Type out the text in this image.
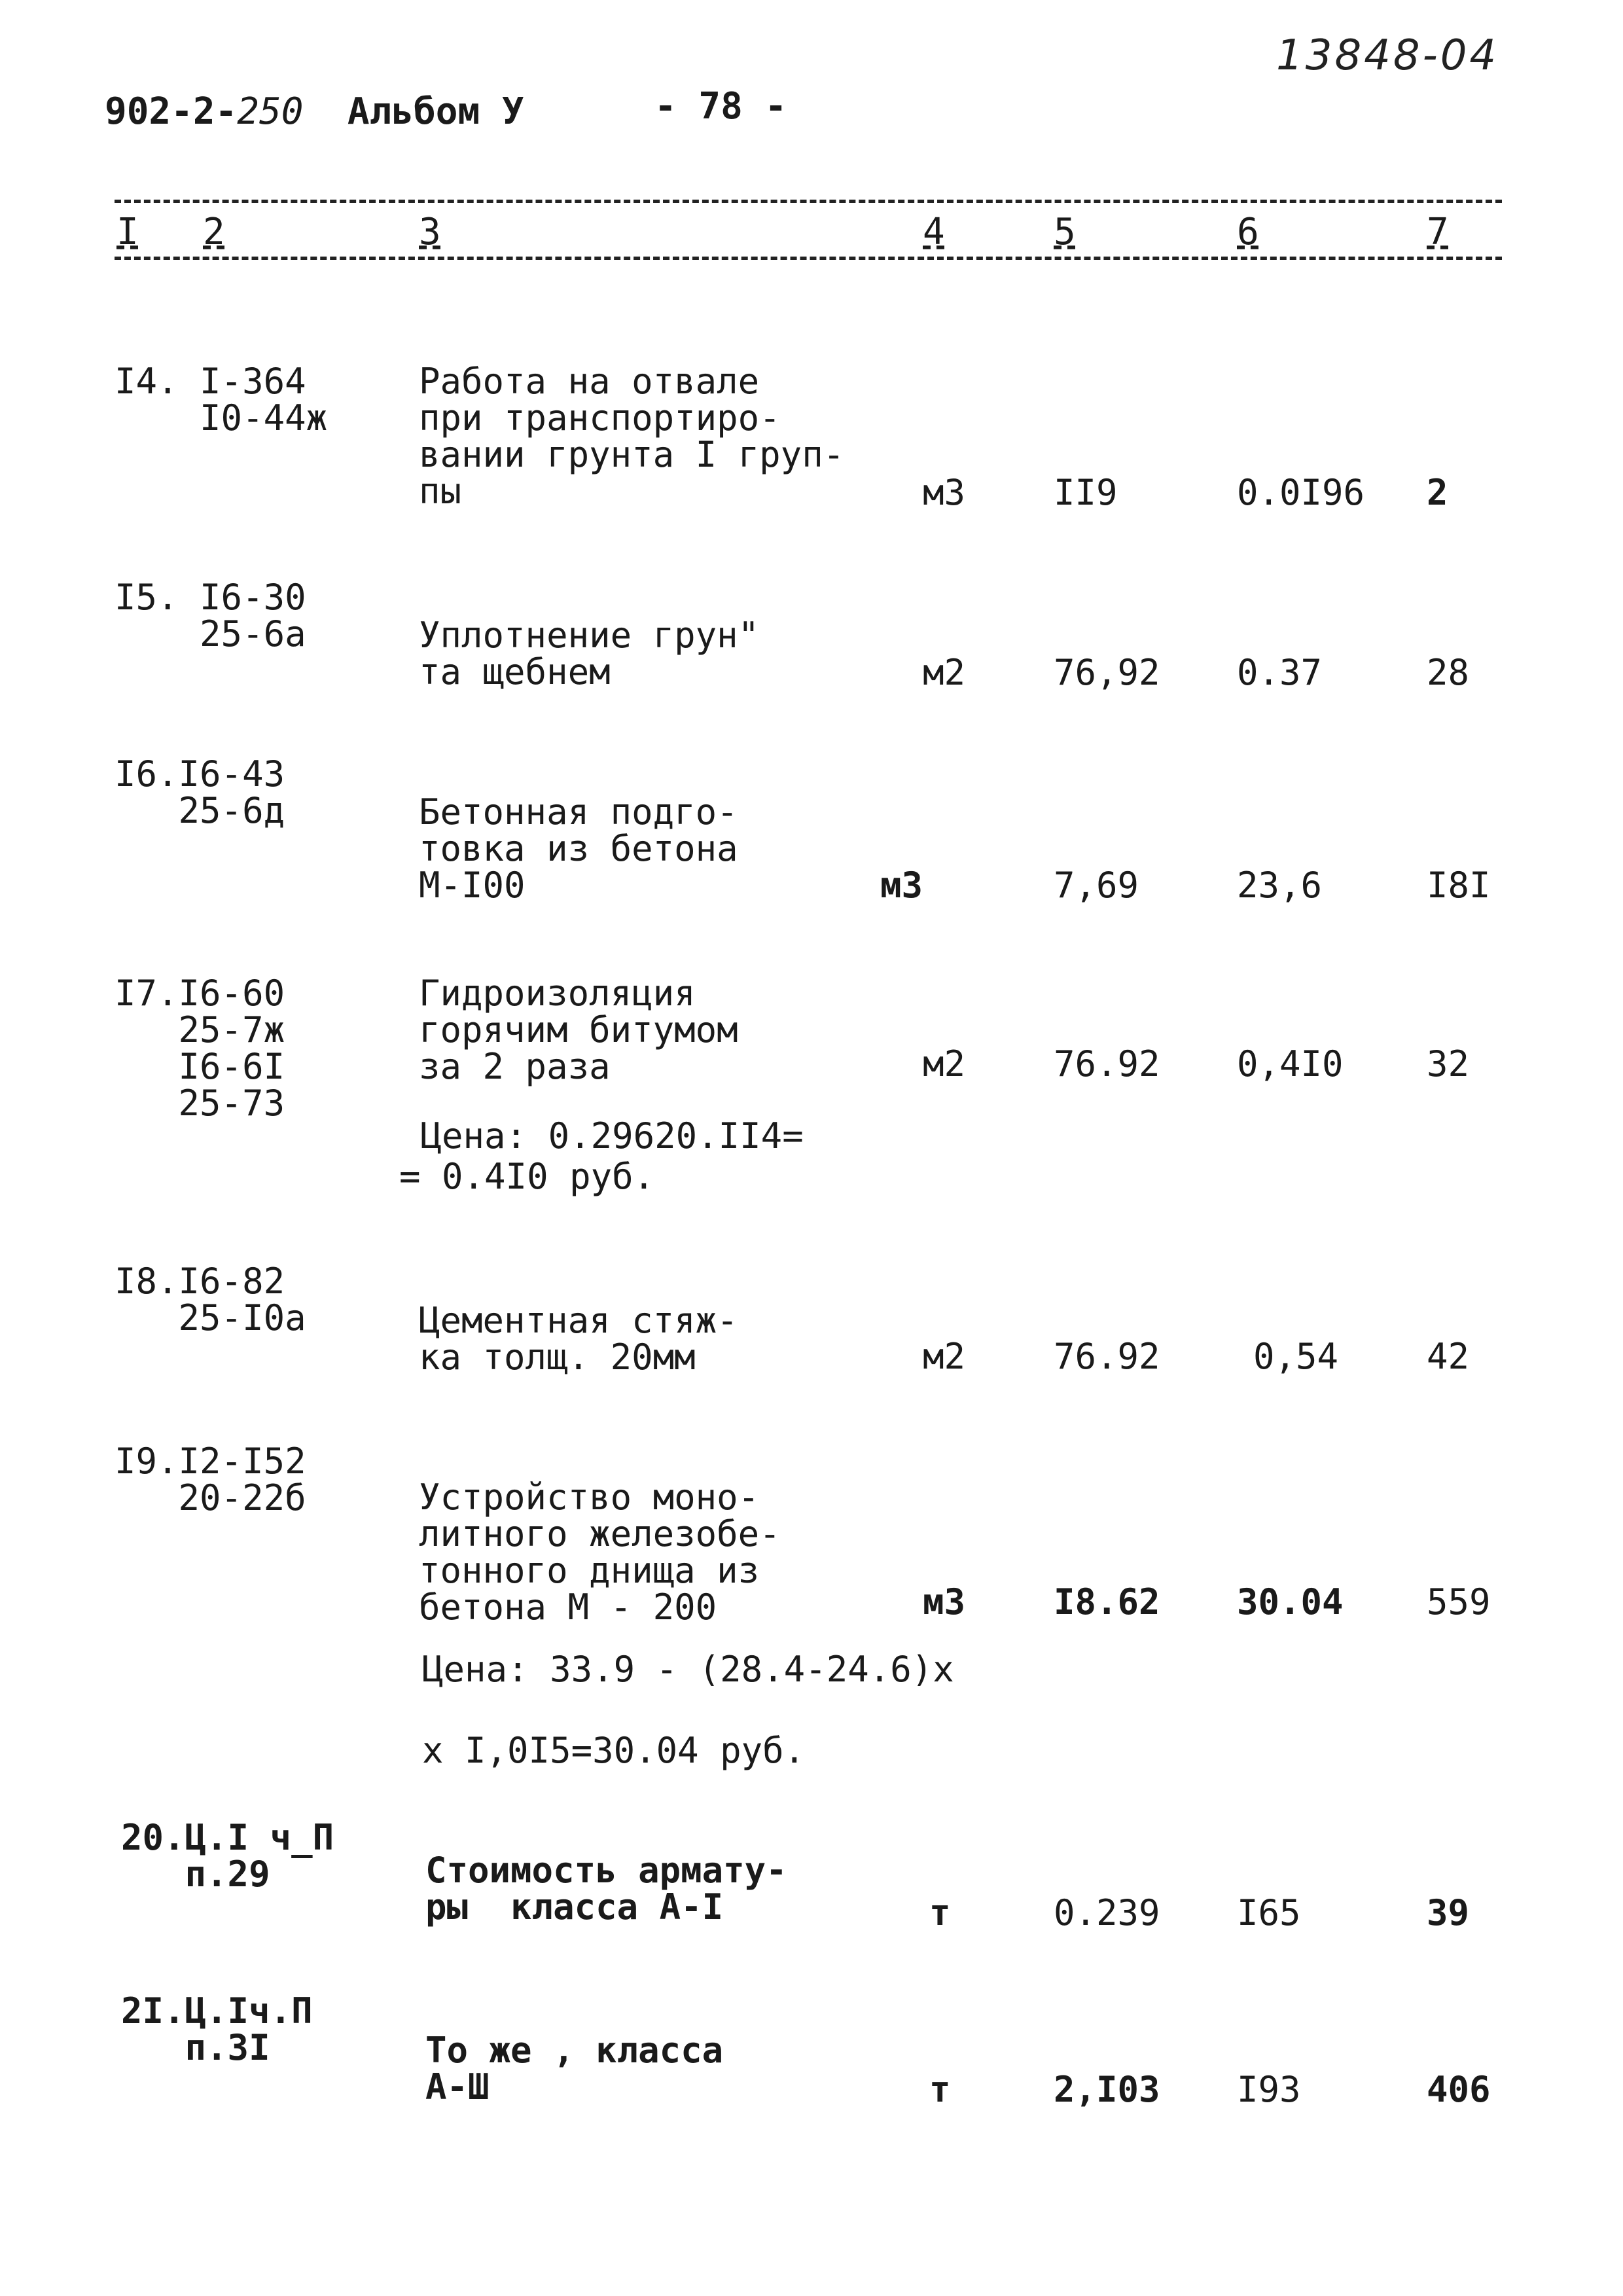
13848-04
902-2-250 Альбом У	- 78 -
I 2	3	4	5	6	7
I4. I-364
I0-44ж
Работа на отвале
при транспортиро-
вании грунта I груп-
пы	м3 II9	0.0I96 2
I5. I6-30
25-6а	Уплотнение грун"
та щебнем	м2 76,92 0.37	28
I6.I6-43
25-6д	Бетонная подго-
товка из бетона
М-I00	м3	7,69	23,6	I8I
I7.I6-60
25-7ж
I6-6I
25-73
Гидроизоляция
горячим битумом
за 2 раза	м2 76.92 0,4I0 32
Цена: 0.29620.II4=
= 0.4I0 руб.
I8.I6-82
25-I0а	Цементная стяж-
ка толщ. 20мм	м2 76.92	0,54 42
I9.I2-I52
20-22б	Устройство моно-
литного железобе-
тонного днища из
бетона М - 200	м3 I8.62 30.04 559
Цена: 33.9 - (28.4-24.6)x

x I,0I5=30.04 руб.
20.Ц.I ч_П
п.29	Стоимость армату-
ры  класса А-I	т	0.239 I65	39
2I.Ц.Iч.П
п.3I	То же , класса
А-Ш	т	2,I03 I93	406
